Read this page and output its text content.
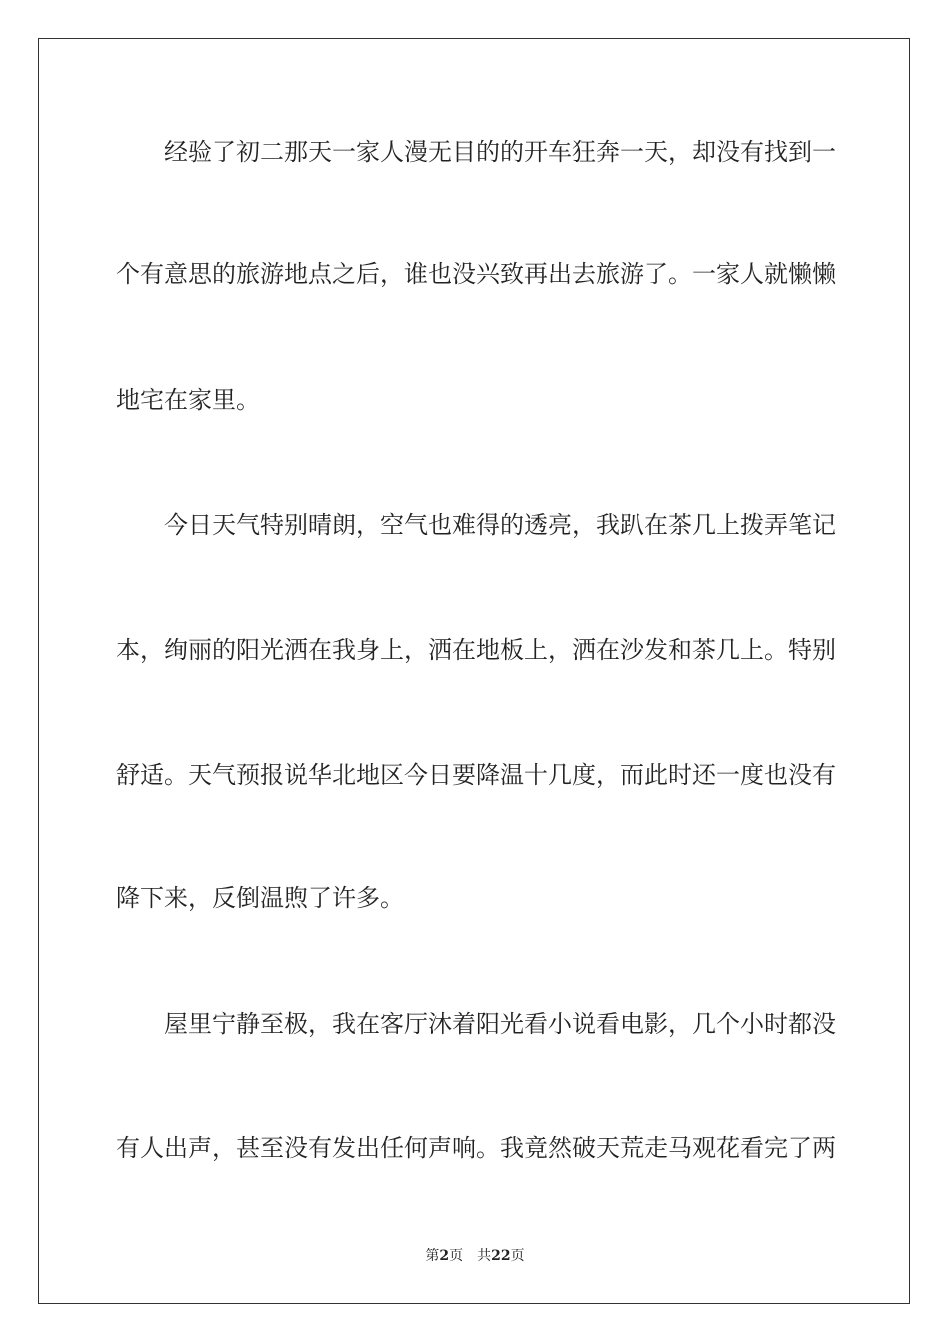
经验了初二那天一家人漫无目的的开车狂奔一天，却没有找到一
个有意思的旅游地点之后，谁也没兴致再出去旅游了。一家人就懒懒
地宅在家里。
今日天气特别晴朗，空气也难得的透亮，我趴在茶几上拨弄笔记
本，绚丽的阳光洒在我身上，洒在地板上，洒在沙发和茶几上。特别
舒适。天气预报说华北地区今日要降温十几度，而此时还一度也没有
降下来，反倒温煦了许多。
屋里宁静至极，我在客厅沐着阳光看小说看电影，几个小时都没
有人出声，甚至没有发出任何声响。我竟然破天荒走马观花看完了两
第2页 共22页
